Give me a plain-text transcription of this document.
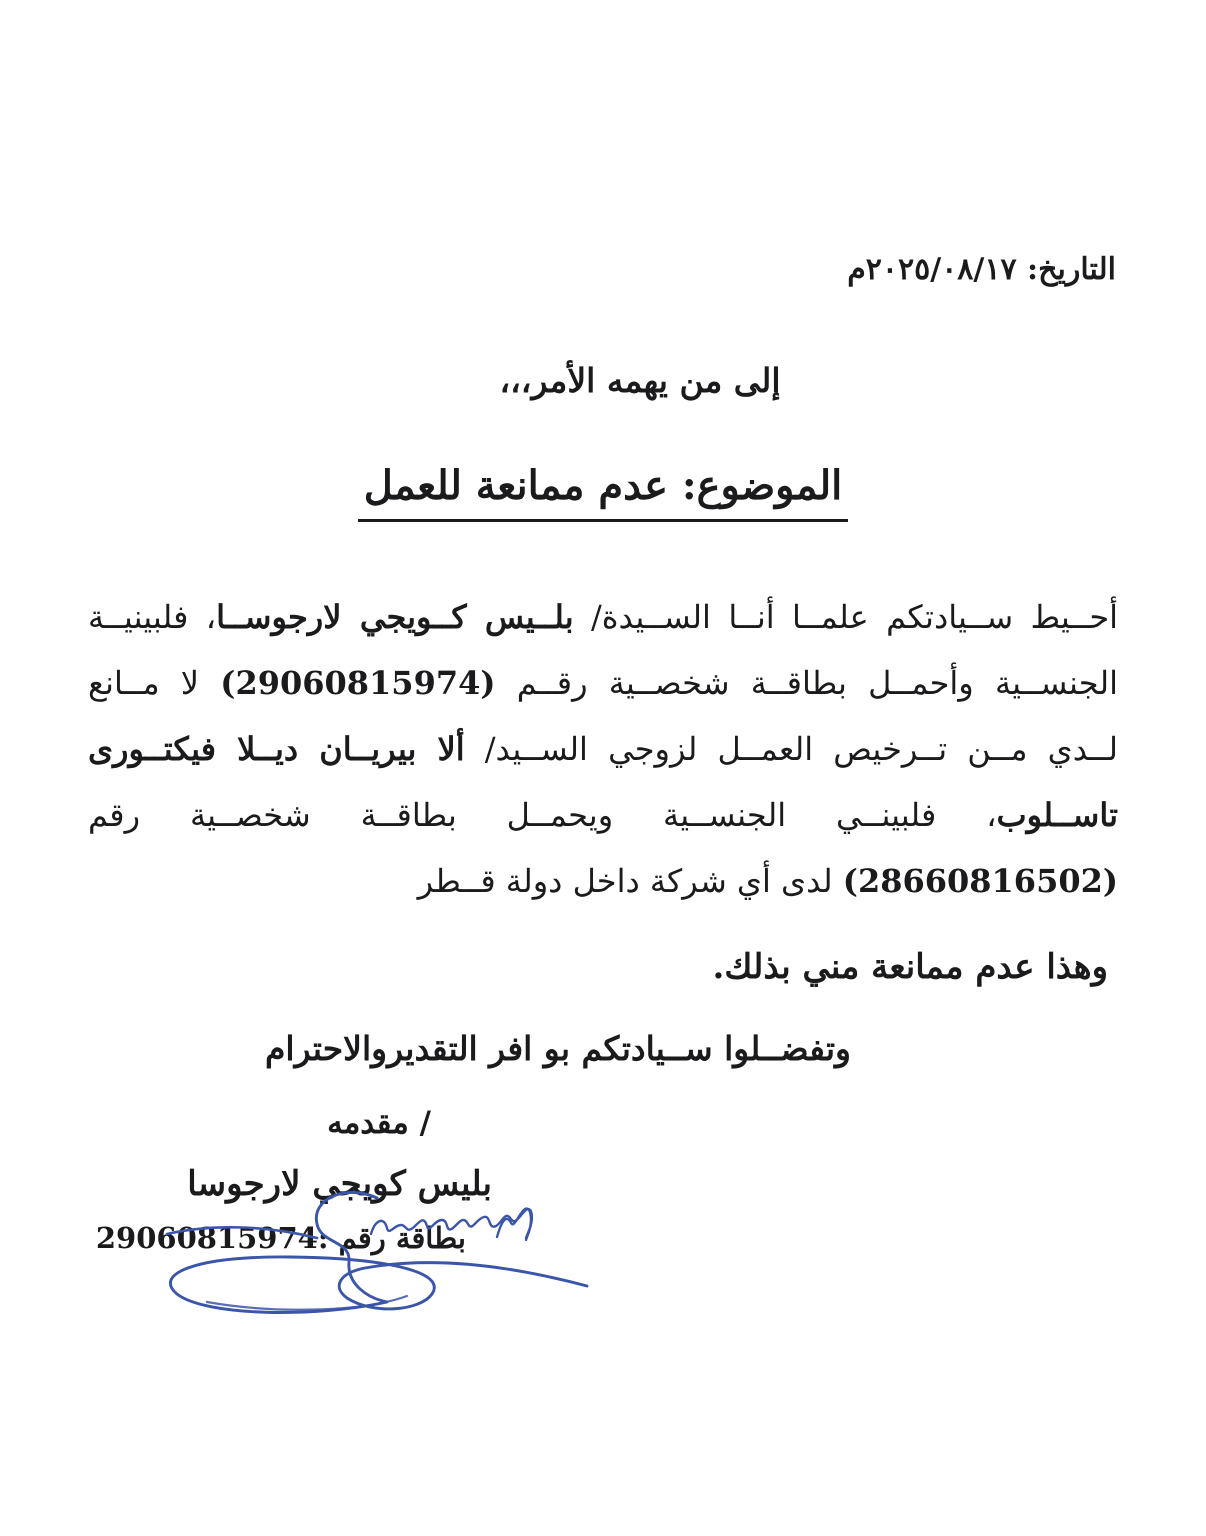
التاريخ: ٢٠٢٥/٠٨/١٧م
إلى من يهمه الأمر،،،
الموضوع: عدم ممانعة للعمل

أحــيط ســيادتكم علمــا أنــا الســيدة/ بلــيس كــويجي لارجوســا، فلبينيــة الجنســية وأحمــل بطاقــة شخصــية رقــم (29060815974) لا مــانع لــدي مــن تــرخيص العمــل لزوجي الســيد/ ألا بيريــان ديــلا فيكتــورى تاســلوب، فلبينــي الجنســية ويحمــل بطاقــة شخصــية رقم (28660816502) لدى أي شركة داخل دولة قــطر

وهذا عدم ممانعة مني بذلك.
وتفضــلوا ســيادتكم بو افر التقديروالاحترام
مقدمه /
بليس كويجي لارجوسا
بطاقة رقم :29060815974
